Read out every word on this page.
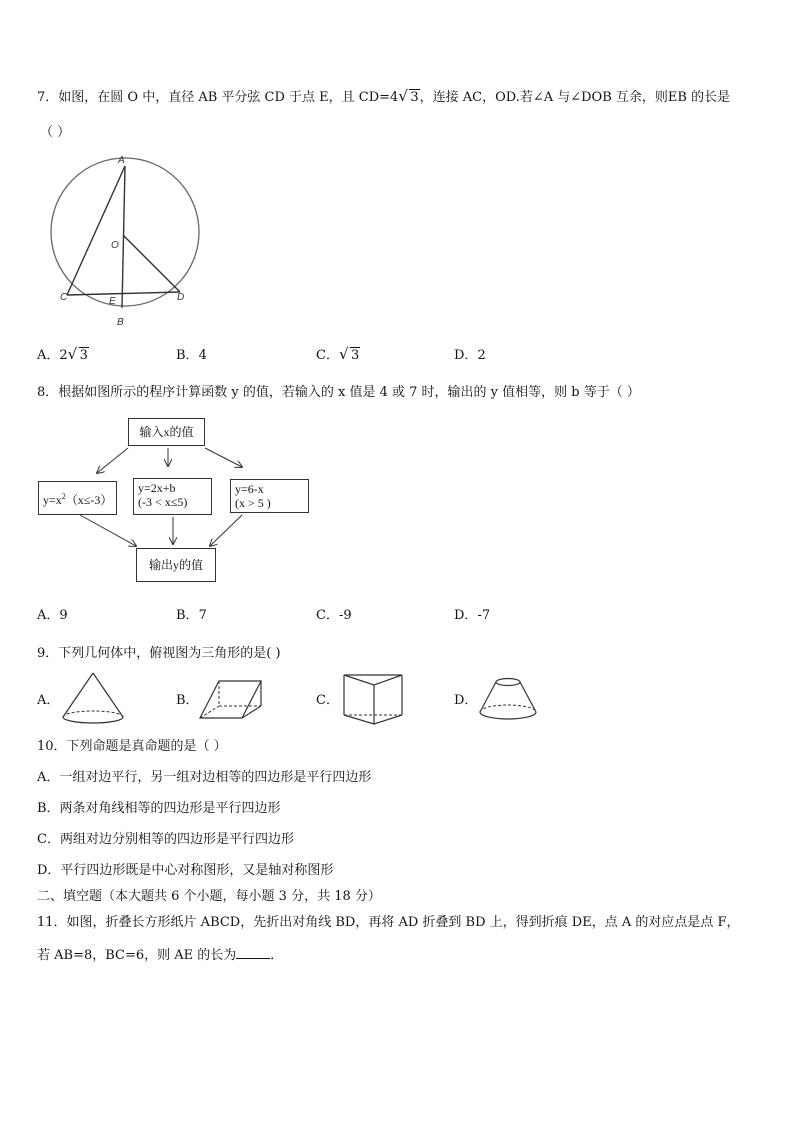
7．如图，在圆 O 中，直径 AB 平分弦 CD 于点 E，且 CD=4 √ 3，连接 AC，OD.若∠A 与∠DOB 互余，则EB 的长是
（ ）
A
O
C	E	D
B
A．2 √ 3	B．4	C． √ 3	D．2
8．根据如图所示的程序计算函数 y 的值，若输入的 x 值是 4 或 7 时，输出的 y 值相等，则 b 等于（ ）
输入x的值
$y=x^2(x\le-3)$
y=2x+b
(-3 < x≤5)
y=6-x
(x > 5 )
输出y的值
A．9	B．7	C．-9	D．-7
9．下列几何体中，俯视图为三角形的是( )
A．	B．	C．	D．
10．下列命题是真命题的是（ ）
A．一组对边平行，另一组对边相等的四边形是平行四边形
B．两条对角线相等的四边形是平行四边形
C．两组对边分别相等的四边形是平行四边形
D．平行四边形既是中心对称图形，又是轴对称图形
二、填空题（本大题共 6 个小题，每小题 3 分，共 18 分）
11．如图，折叠长方形纸片 ABCD，先折出对角线 BD，再将 AD 折叠到 BD 上，得到折痕 DE，点 A 的对应点是点 F，
若 AB=8，BC=6，则 AE 的长为	．
